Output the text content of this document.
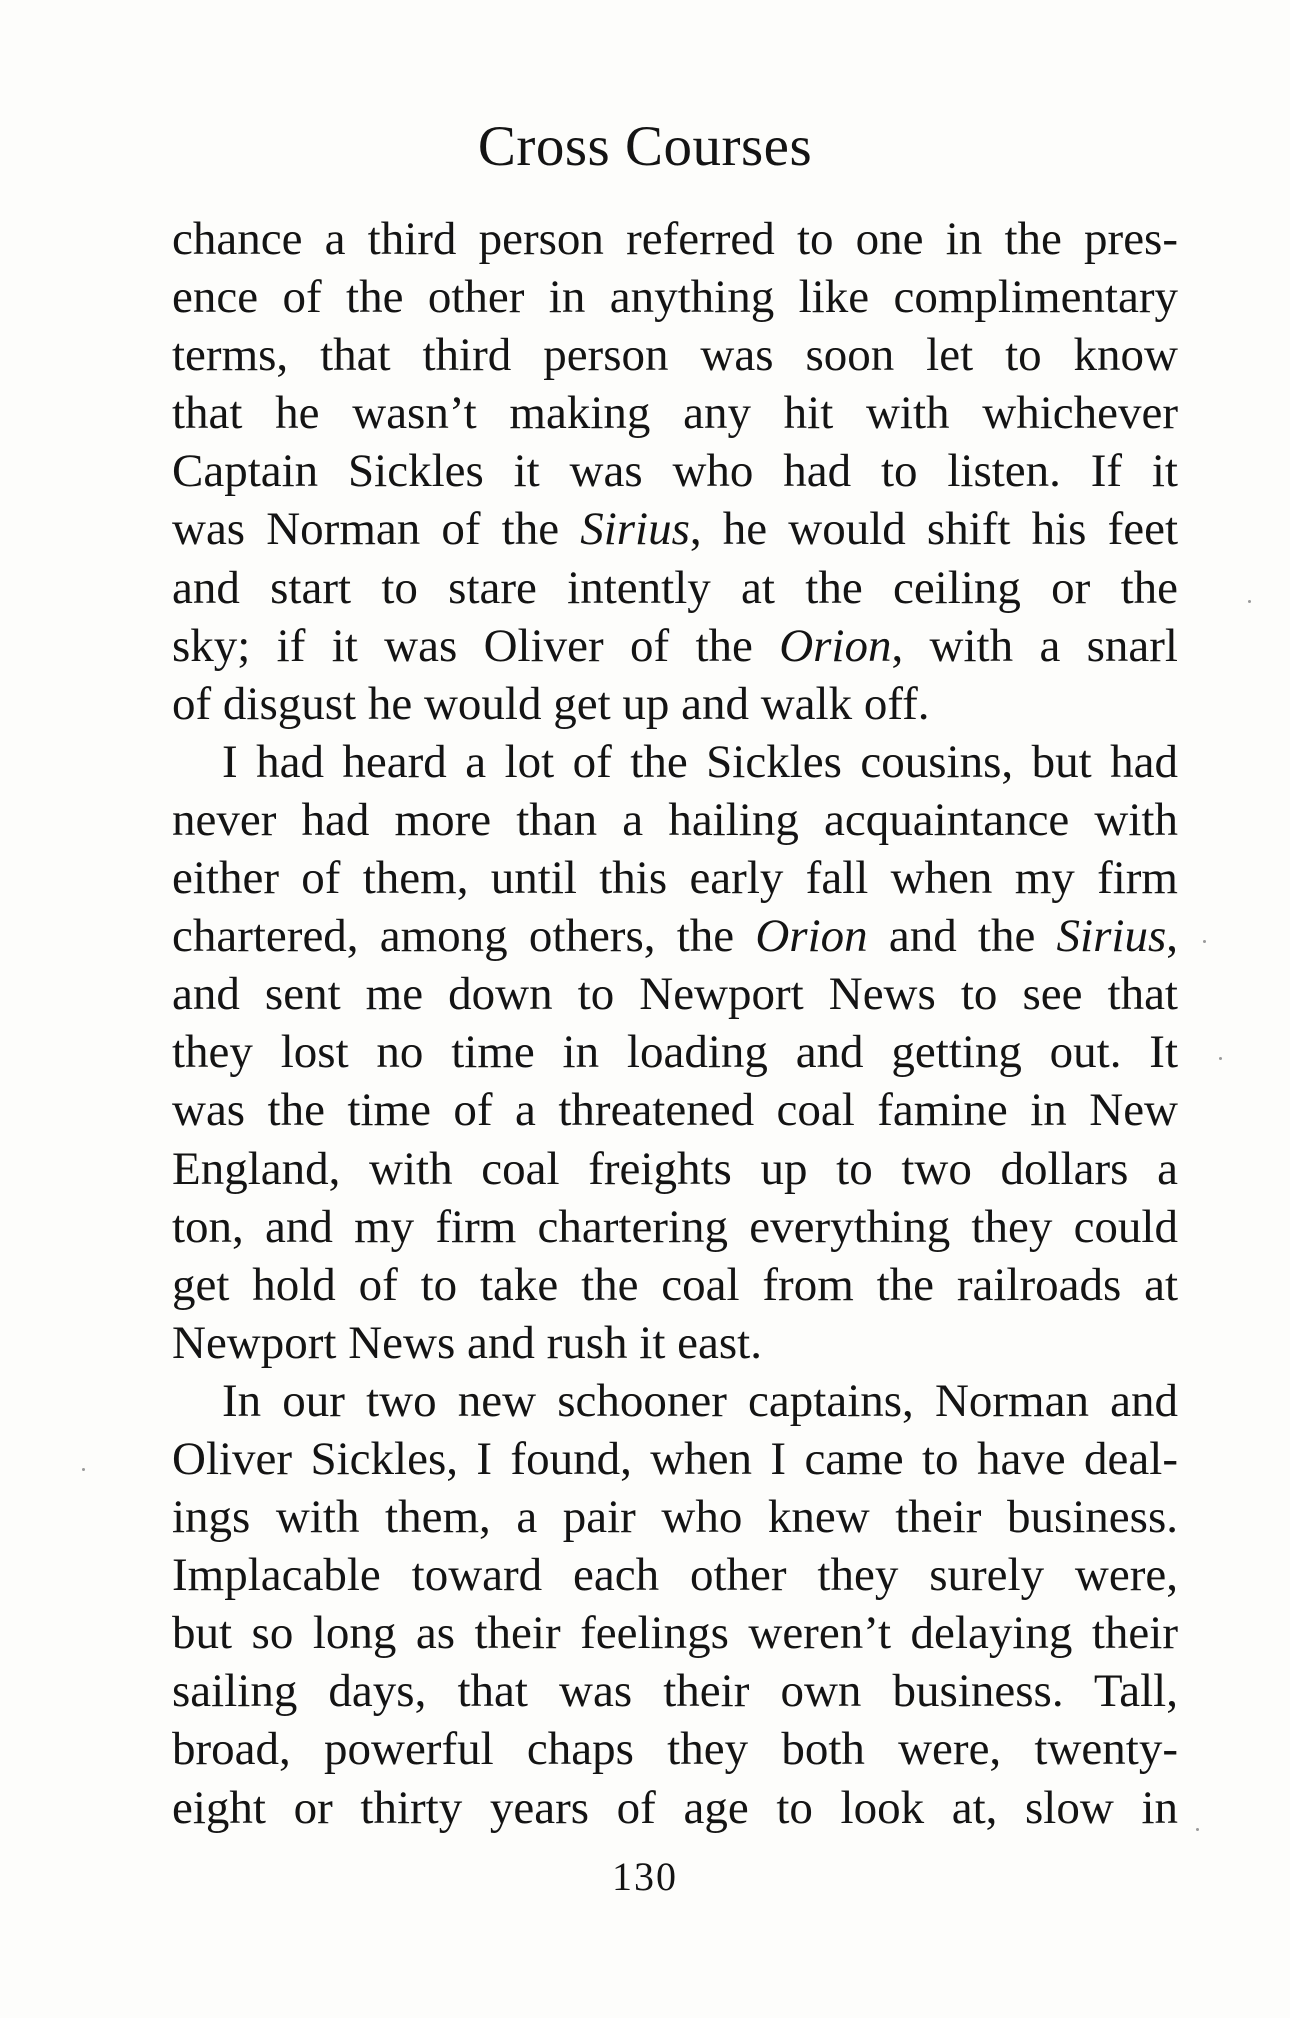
Cross Courses
chance a third person referred to one in the pres-
ence of the other in anything like complimentary
terms, that third person was soon let to know
that he wasn’t making any hit with whichever
Captain Sickles it was who had to listen. If it
was Norman of the Sirius, he would shift his feet
and start to stare intently at the ceiling or the
sky; if it was Oliver of the Orion, with a snarl
of disgust he would get up and walk off.
I had heard a lot of the Sickles cousins, but had
never had more than a hailing acquaintance with
either of them, until this early fall when my firm
chartered, among others, the Orion and the Sirius,
and sent me down to Newport News to see that
they lost no time in loading and getting out. It
was the time of a threatened coal famine in New
England, with coal freights up to two dollars a
ton, and my firm chartering everything they could
get hold of to take the coal from the railroads at
Newport News and rush it east.
In our two new schooner captains, Norman and
Oliver Sickles, I found, when I came to have deal-
ings with them, a pair who knew their business.
Implacable toward each other they surely were,
but so long as their feelings weren’t delaying their
sailing days, that was their own business. Tall,
broad, powerful chaps they both were, twenty-
eight or thirty years of age to look at, slow in
130
